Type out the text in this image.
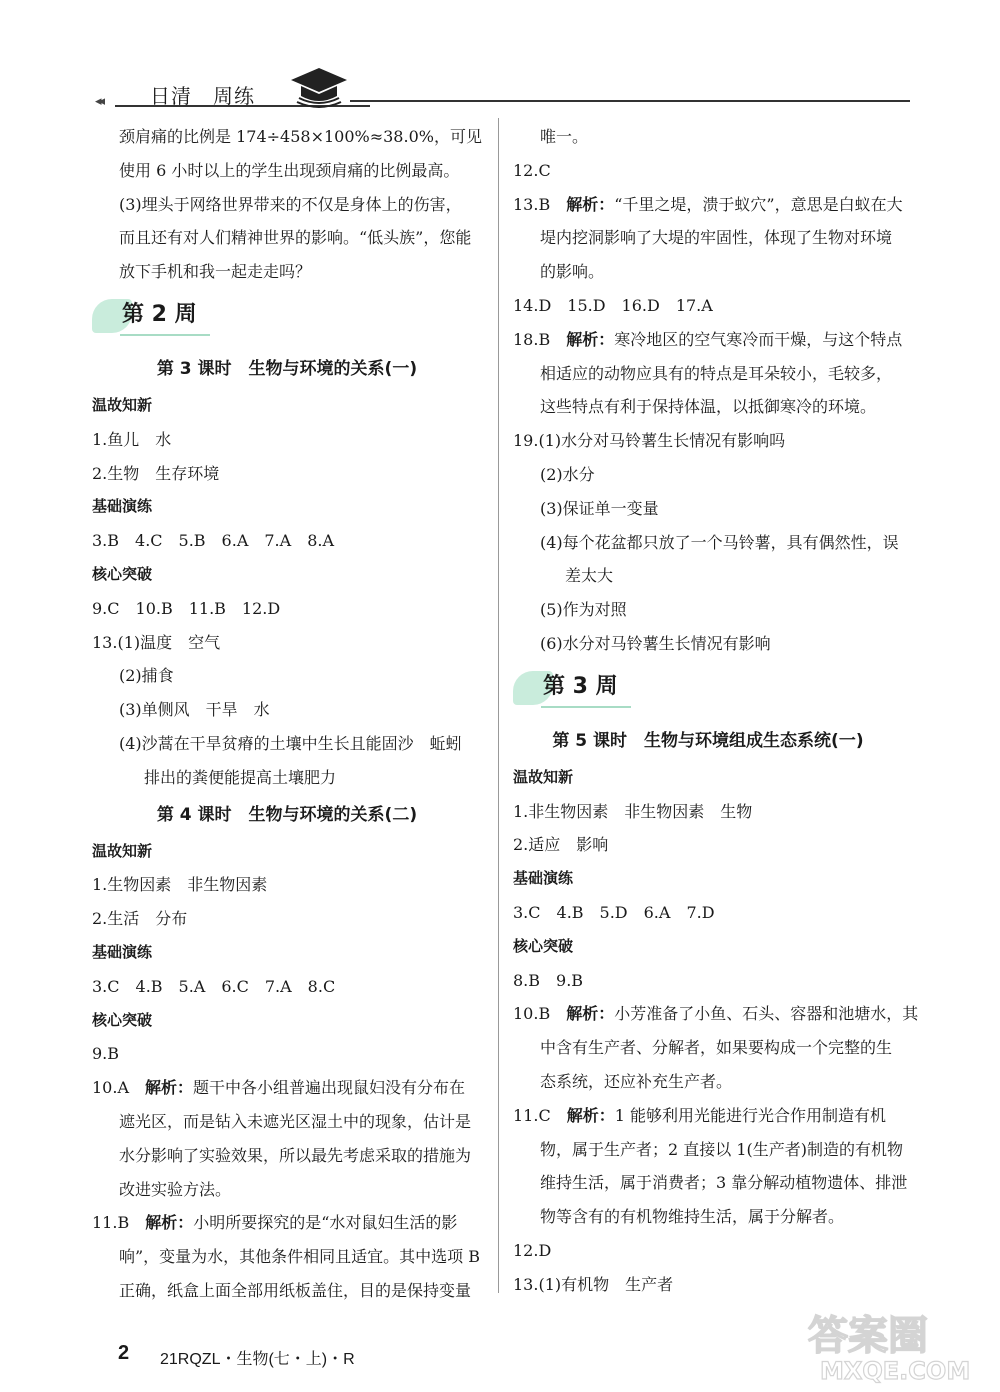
◂◂ 日清　周练
颈肩痛的比例是 174÷458×100%≈38.0%，可见
使用 6 小时以上的学生出现颈肩痛的比例最高。
(3)埋头于网络世界带来的不仅是身体上的伤害，
而且还有对人们精神世界的影响。“低头族”，您能
放下手机和我一起走走吗？
第 2 周
第 3 课时　生物与环境的关系(一)
温故知新
1.鱼儿　水
2.生物　生存环境
基础演练
3.B　4.C　5.B　6.A　7.A　8.A
核心突破
9.C　10.B　11.B　12.D
13.(1)温度　空气
(2)捕食
(3)单侧风　干旱　水
(4)沙蒿在干旱贫瘠的土壤中生长且能固沙　蚯蚓
排出的粪便能提高土壤肥力
第 4 课时　生物与环境的关系(二)
温故知新
1.生物因素　非生物因素
2.生活　分布
基础演练
3.C　4.B　5.A　6.C　7.A　8.C
核心突破
9.B
10.A　 解析：题干中各小组普遍出现鼠妇没有分布在
遮光区，而是钻入未遮光区湿土中的现象，估计是
水分影响了实验效果，所以最先考虑采取的措施为
改进实验方法。
11.B　 解析：小明所要探究的是“水对鼠妇生活的影
响”，变量为水，其他条件相同且适宜。其中选项 B
正确，纸盒上面全部用纸板盖住，目的是保持变量
唯一。
12.C
13.B　 解析：“千里之堤，溃于蚁穴”，意思是白蚁在大
堤内挖洞影响了大堤的牢固性，体现了生物对环境
的影响。
14.D　15.D　16.D　17.A
18.B　 解析：寒冷地区的空气寒冷而干燥，与这个特点
相适应的动物应具有的特点是耳朵较小，毛较多，
这些特点有利于保持体温，以抵御寒冷的环境。
19.(1)水分对马铃薯生长情况有影响吗
(2)水分
(3)保证单一变量
(4)每个花盆都只放了一个马铃薯，具有偶然性，误
差太大
(5)作为对照
(6)水分对马铃薯生长情况有影响
第 3 周
第 5 课时　生物与环境组成生态系统(一)
温故知新
1.非生物因素　非生物因素　生物
2.适应　影响
基础演练
3.C　4.B　5.D　6.A　7.D
核心突破
8.B　9.B
10.B　 解析：小芳准备了小鱼、石头、容器和池塘水，其
中含有生产者、分解者，如果要构成一个完整的生
态系统，还应补充生产者。
11.C　 解析：1 能够利用光能进行光合作用制造有机
物，属于生产者；2 直接以 1(生产者)制造的有机物
维持生活，属于消费者；3 靠分解动植物遗体、排泄
物等含有的有机物维持生活，属于分解者。
12.D
13.(1)有机物　生产者
2 21RQZL・生物(七・上)・R
答案圈
MXQE.COM
